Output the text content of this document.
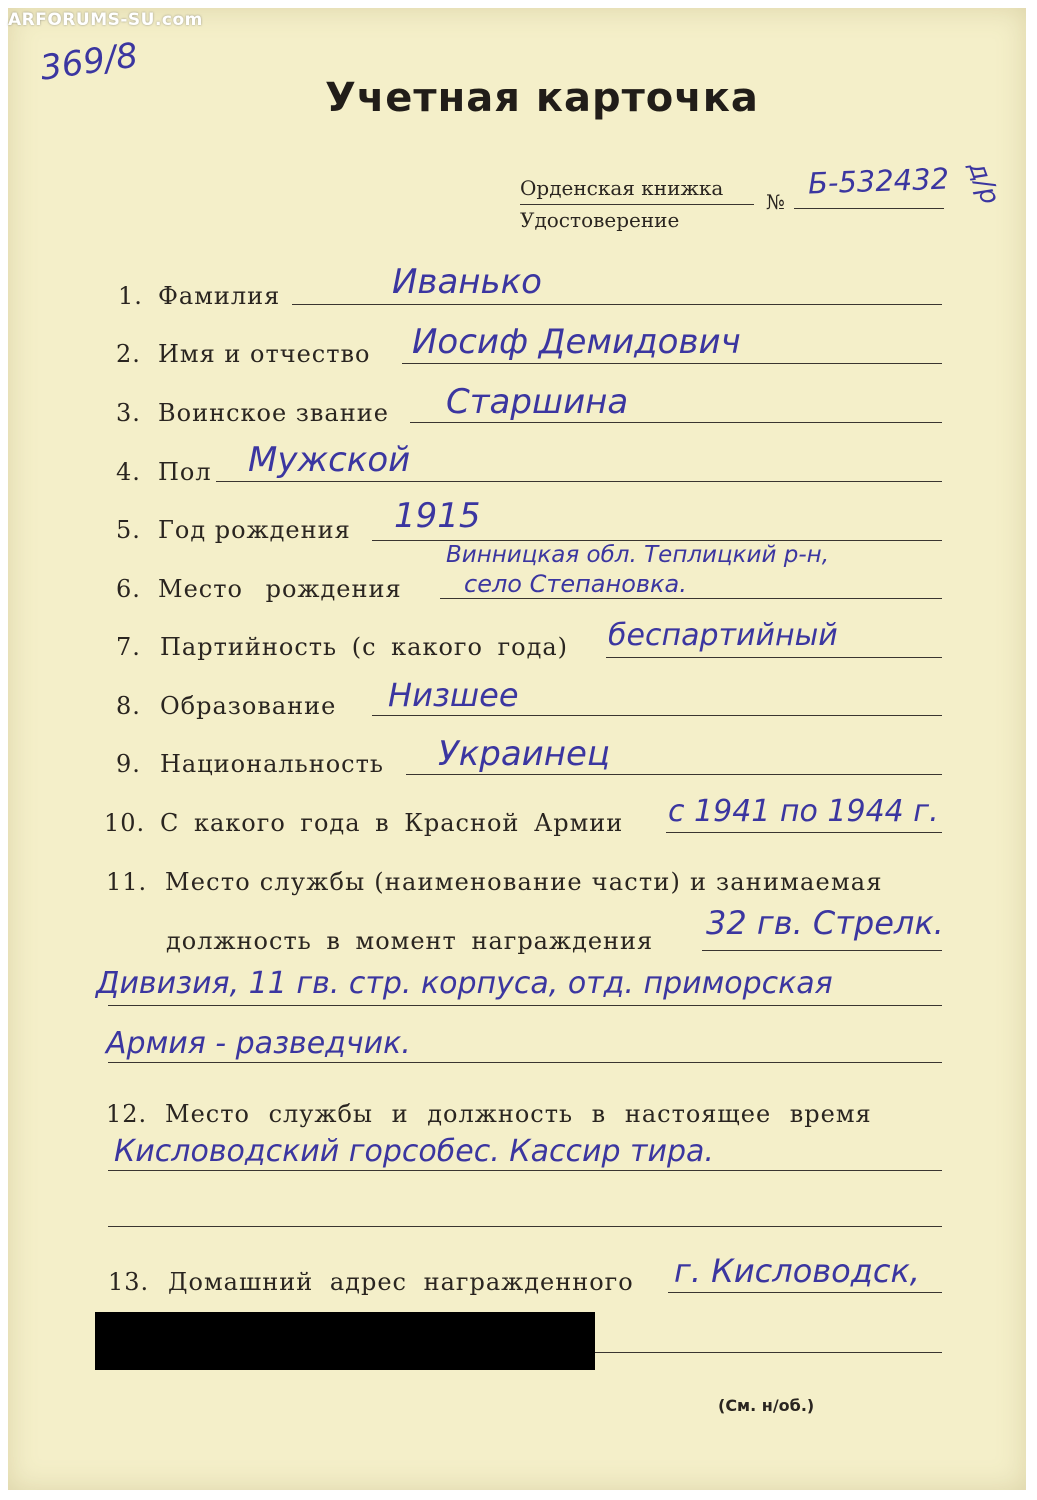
ARFORUMS-SU.com
369/8
Учетная карточка
Орденская книжка
Удостоверение
№
Б-532432 д/р
1. Фамилия	Иванько
2. Имя и отчество Иосиф Демидович
3. Воинское звание Старшина
4. Пол Мужской
5. Год рождения 1915
6. Место рождения
Винницкая обл. Теплицкий р-н,
село Степановка.
7. Партийность (с какого года) беспартийный
8. Образование Низшее
9. Национальность Украинец
10. С какого года в Красной Армии с 1941 по 1944 г.
11. Место службы (наименование части) и занимаемая
должность в момент награждения 32 гв. Стрелк.
Дивизия, 11 гв. стр. корпуса, отд. приморская
Армия - разведчик.
12. Место службы и должность в настоящее время
Кисловодский горсобес. Кассир тира.
13. Домашний адрес награжденного г. Кисловодск,
(См. н/об.)
